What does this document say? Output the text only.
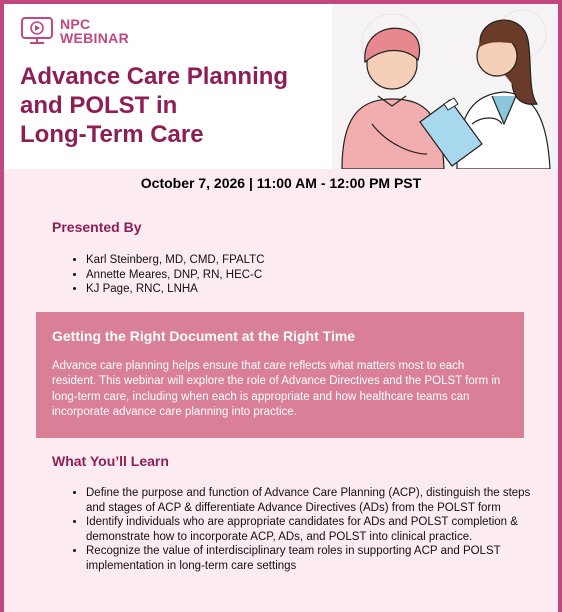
NPC
WEBINAR
Advance Care Planning
and POLST in
Long-Term Care
October 7, 2026 | 11:00 AM - 12:00 PM PST
Presented By
• Karl Steinberg, MD, CMD, FPALTC
• Annette Meares, DNP, RN, HEC-C
• KJ Page, RNC, LNHA
Getting the Right Document at the Right Time

Advance care planning helps ensure that care reflects what matters most to each resident. This webinar will explore the role of Advance Directives and the POLST form in long-term care, including when each is appropriate and how healthcare teams can incorporate advance care planning into practice.

What You’ll Learn
• Define the purpose and function of Advance Care Planning (ACP), distinguish the steps and stages of ACP & differentiate Advance Directives (ADs) from the POLST form
• Identify individuals who are appropriate candidates for ADs and POLST completion & demonstrate how to incorporate ACP, ADs, and POLST into clinical practice.
• Recognize the value of interdisciplinary team roles in supporting ACP and POLST implementation in long-term care settings
